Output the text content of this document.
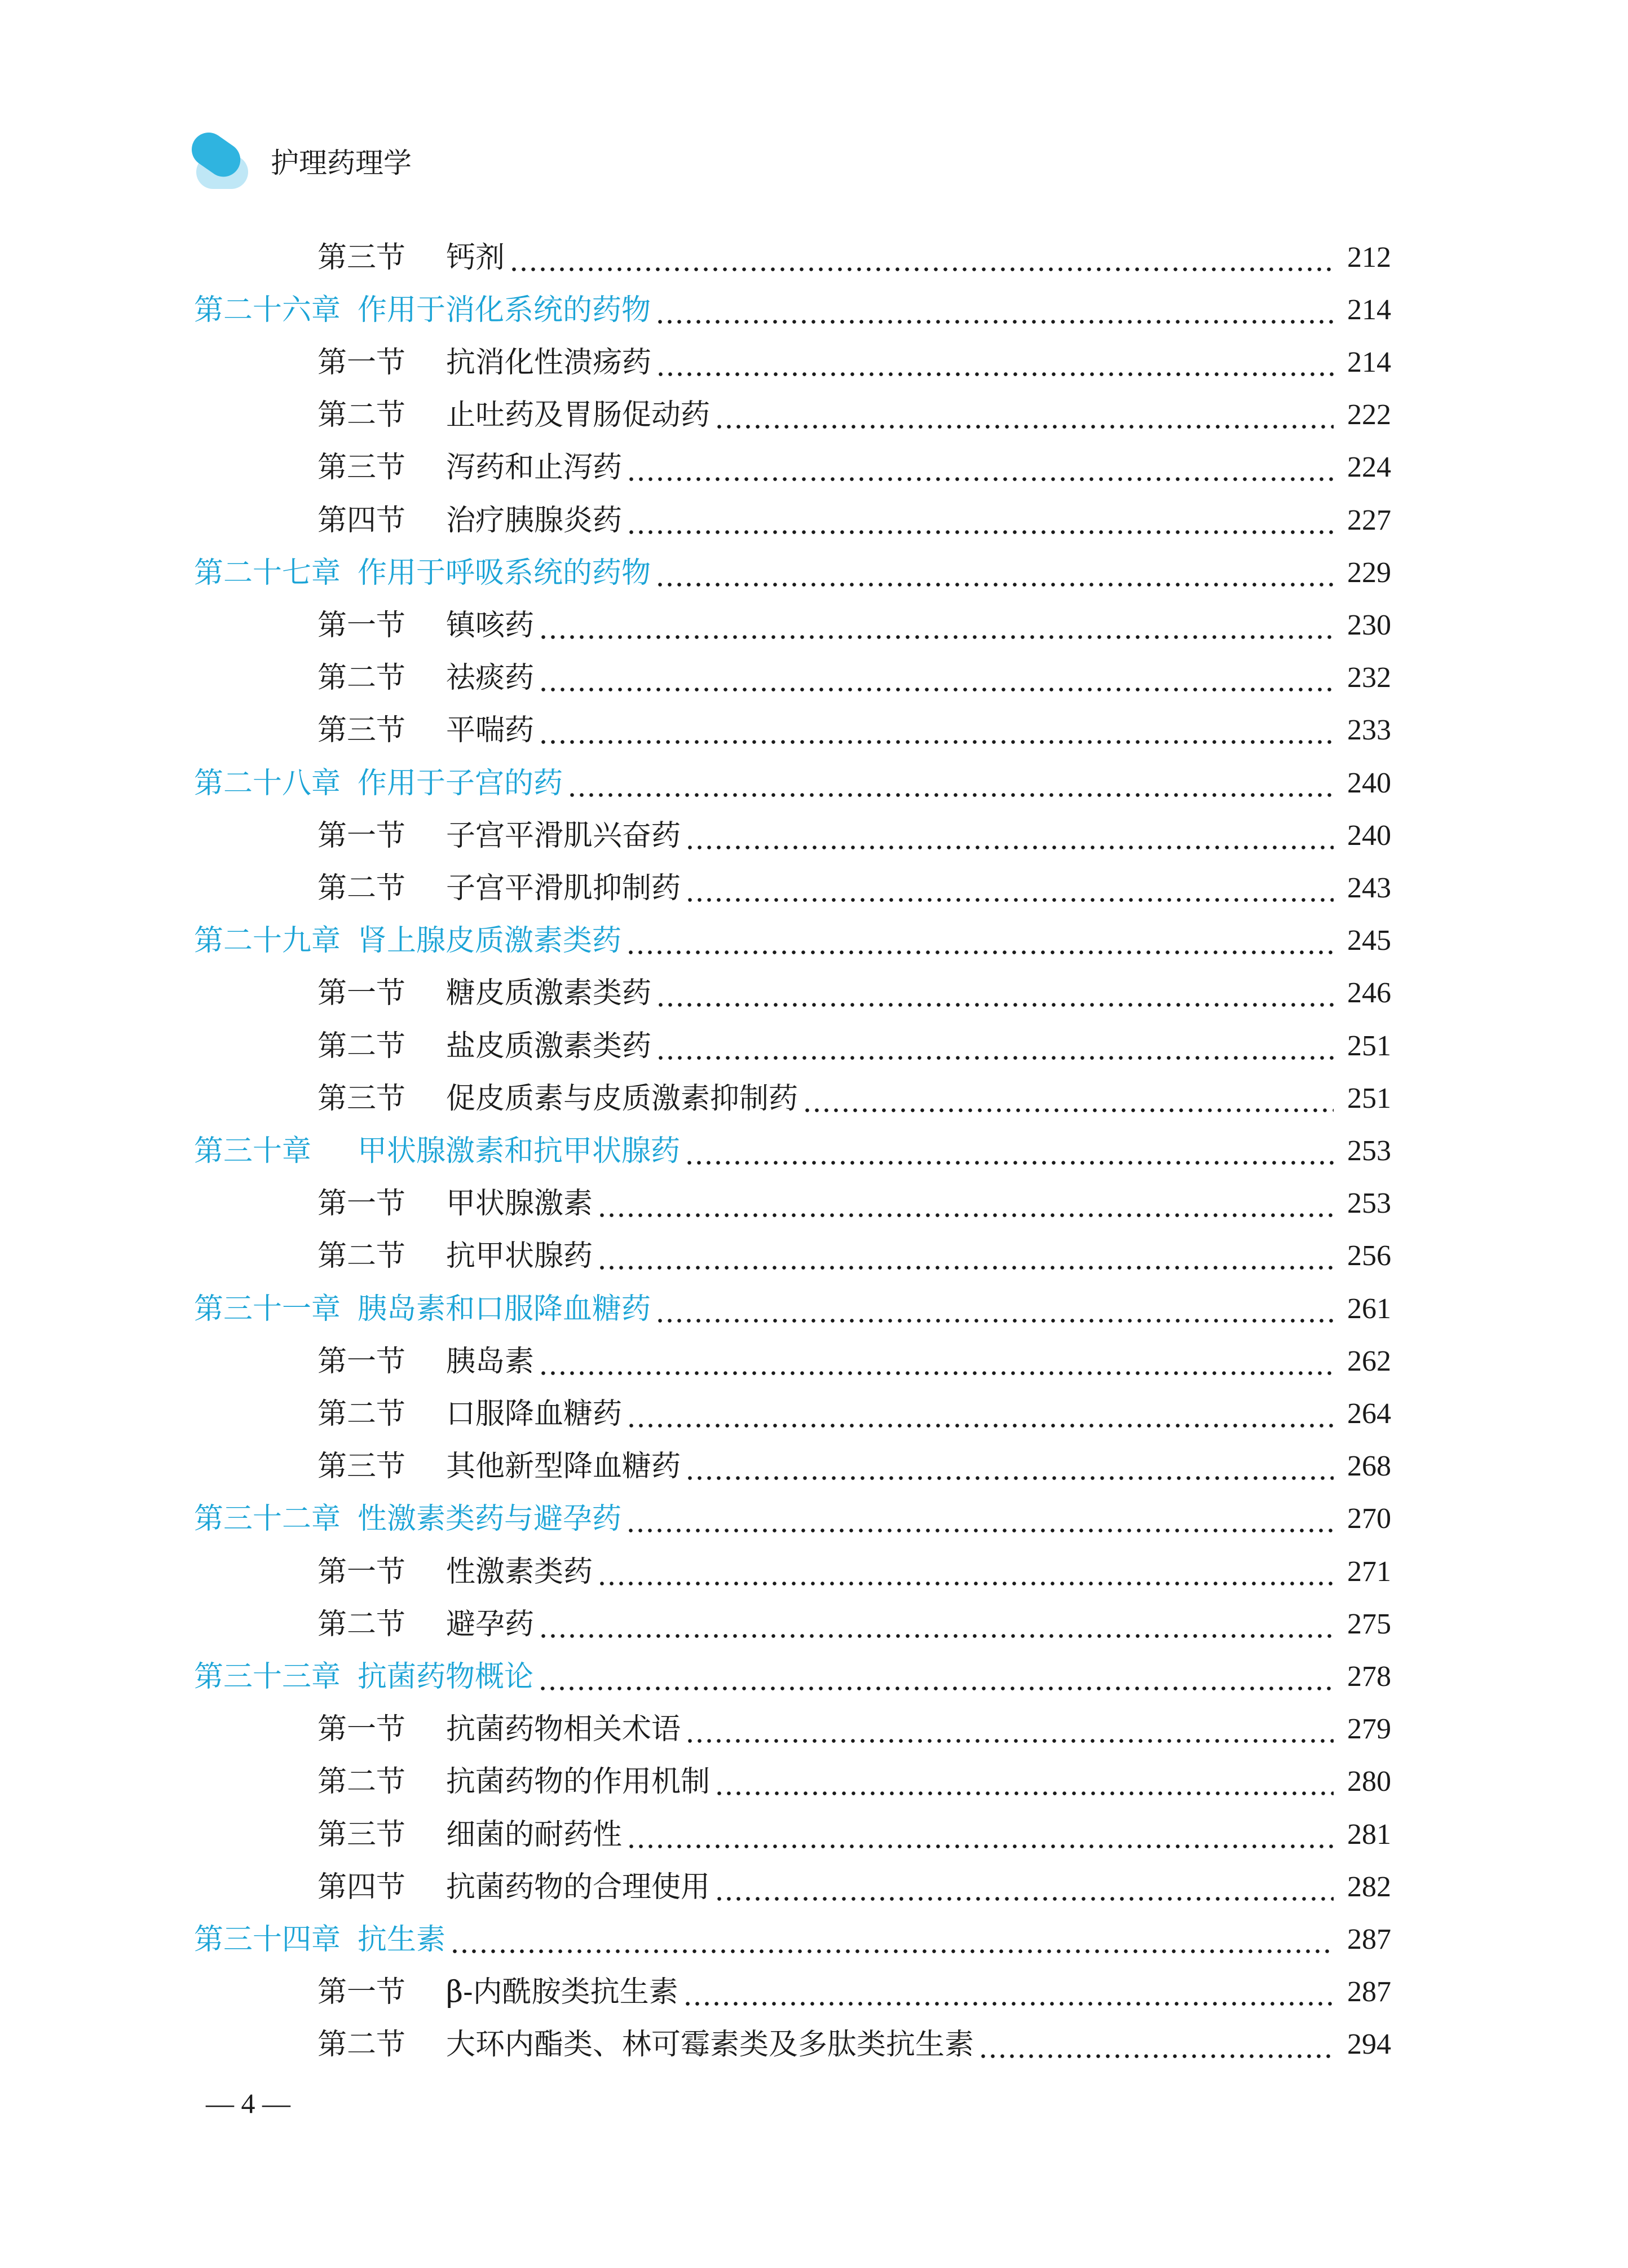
护理药理学
第三节	钙剂	212
第二十六章 作用于消化系统的药物	214
第一节	抗消化性溃疡药	214
第二节	止吐药及胃肠促动药	222
第三节	泻药和止泻药	224
第四节	治疗胰腺炎药	227
第二十七章 作用于呼吸系统的药物	229
第一节	镇咳药	230
第二节	祛痰药	232
第三节	平喘药	233
第二十八章 作用于子宫的药	240
第一节	子宫平滑肌兴奋药	240
第二节	子宫平滑肌抑制药	243
第二十九章 肾上腺皮质激素类药	245
第一节	糖皮质激素类药	246
第二节	盐皮质激素类药	251
第三节	促皮质素与皮质激素抑制药	251
第三十章	甲状腺激素和抗甲状腺药	253
第一节	甲状腺激素	253
第二节	抗甲状腺药	256
第三十一章 胰岛素和口服降血糖药	261
第一节	胰岛素	262
第二节	口服降血糖药	264
第三节	其他新型降血糖药	268
第三十二章 性激素类药与避孕药	270
第一节	性激素类药	271
第二节	避孕药	275
第三十三章 抗菌药物概论	278
第一节	抗菌药物相关术语	279
第二节	抗菌药物的作用机制	280
第三节	细菌的耐药性	281
第四节	抗菌药物的合理使用	282
第三十四章 抗生素	287
第一节	β-内酰胺类抗生素	287
第二节	大环内酯类、林可霉素类及多肽类抗生素	294
— 4 —
